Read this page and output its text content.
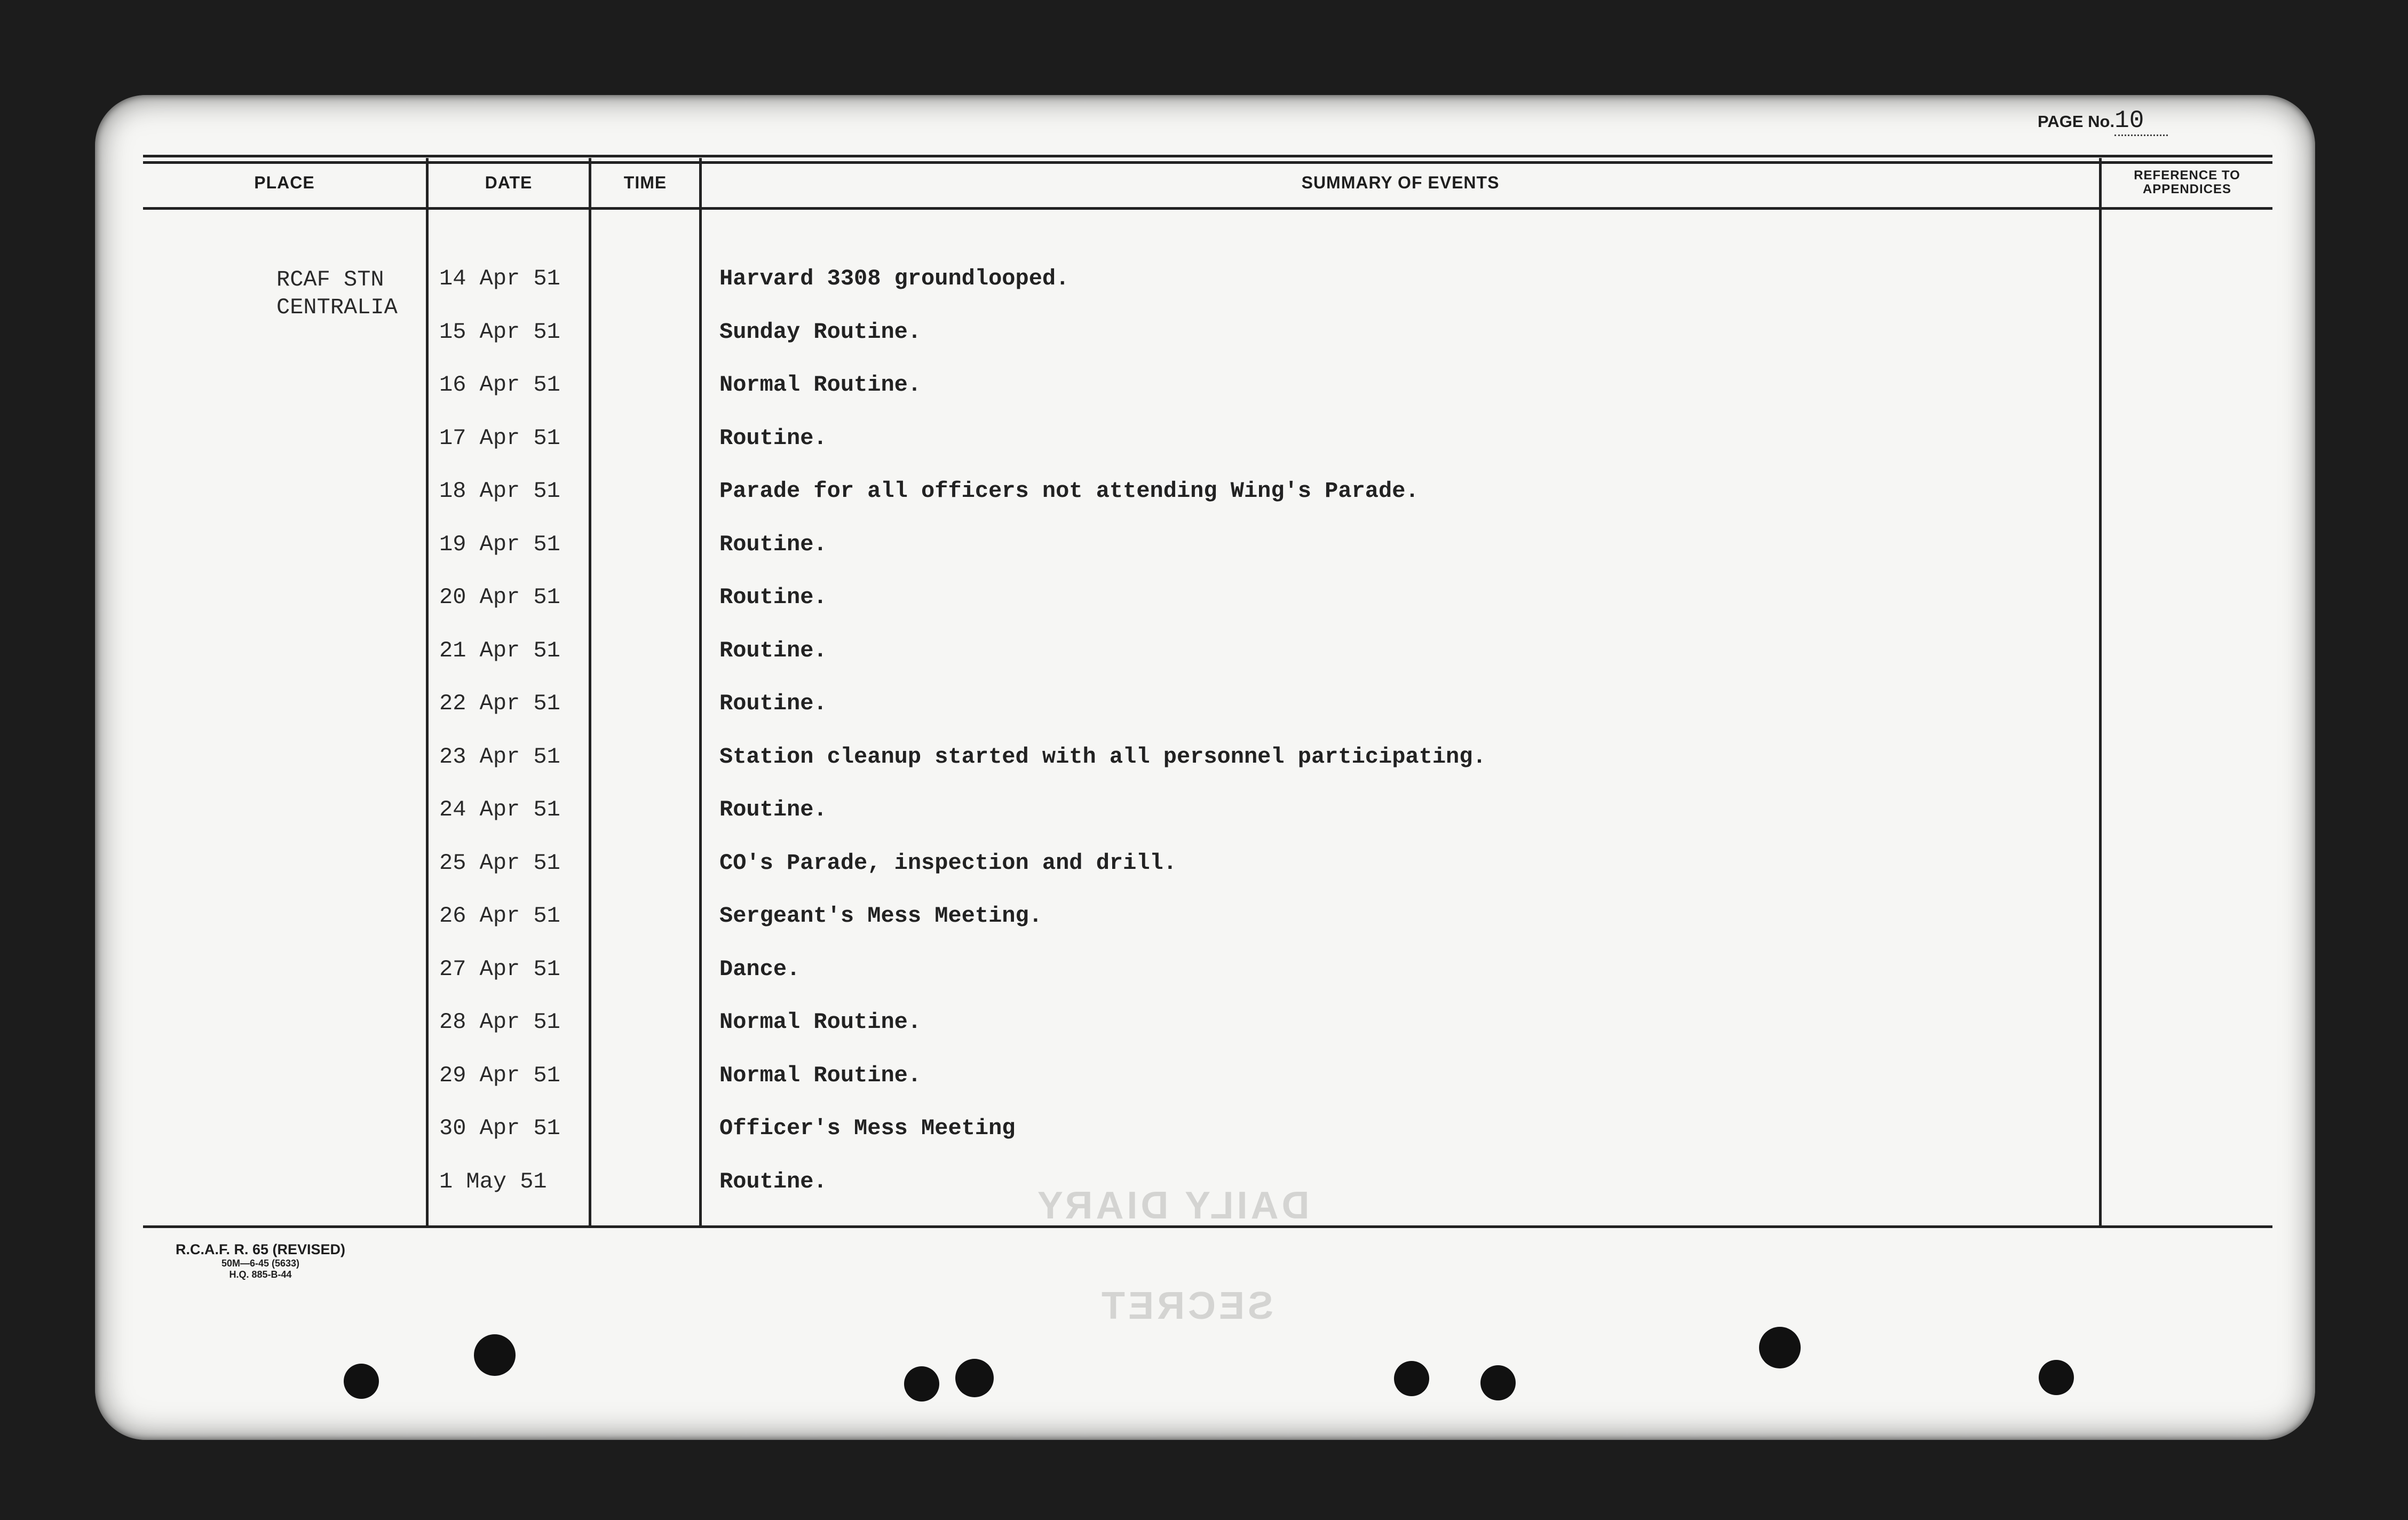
PAGE No.10
PLACE	DATE	TIME	SUMMARY OF EVENTS	REFERENCE TO
APPENDICES
RCAF STN
CENTRALIA
14 Apr 51	Harvard 3308 groundlooped.
15 Apr 51	Sunday Routine.
16 Apr 51	Normal Routine.
17 Apr 51	Routine.
18 Apr 51	Parade for all officers not attending Wing's Parade.
19 Apr 51	Routine.
20 Apr 51	Routine.
21 Apr 51	Routine.
22 Apr 51	Routine.
23 Apr 51	Station cleanup started with all personnel participating.
24 Apr 51	Routine.
25 Apr 51	CO's Parade, inspection and drill.
26 Apr 51	Sergeant's Mess Meeting.
27 Apr 51	Dance.
28 Apr 51	Normal Routine.
29 Apr 51	Normal Routine.
30 Apr 51	Officer's Mess Meeting
1 May 51	Routine.
R.C.A.F. R. 65 (REVISED)
50M—6-45 (5633)
H.Q. 885-B-44
DAILY DIARY
SECRET
